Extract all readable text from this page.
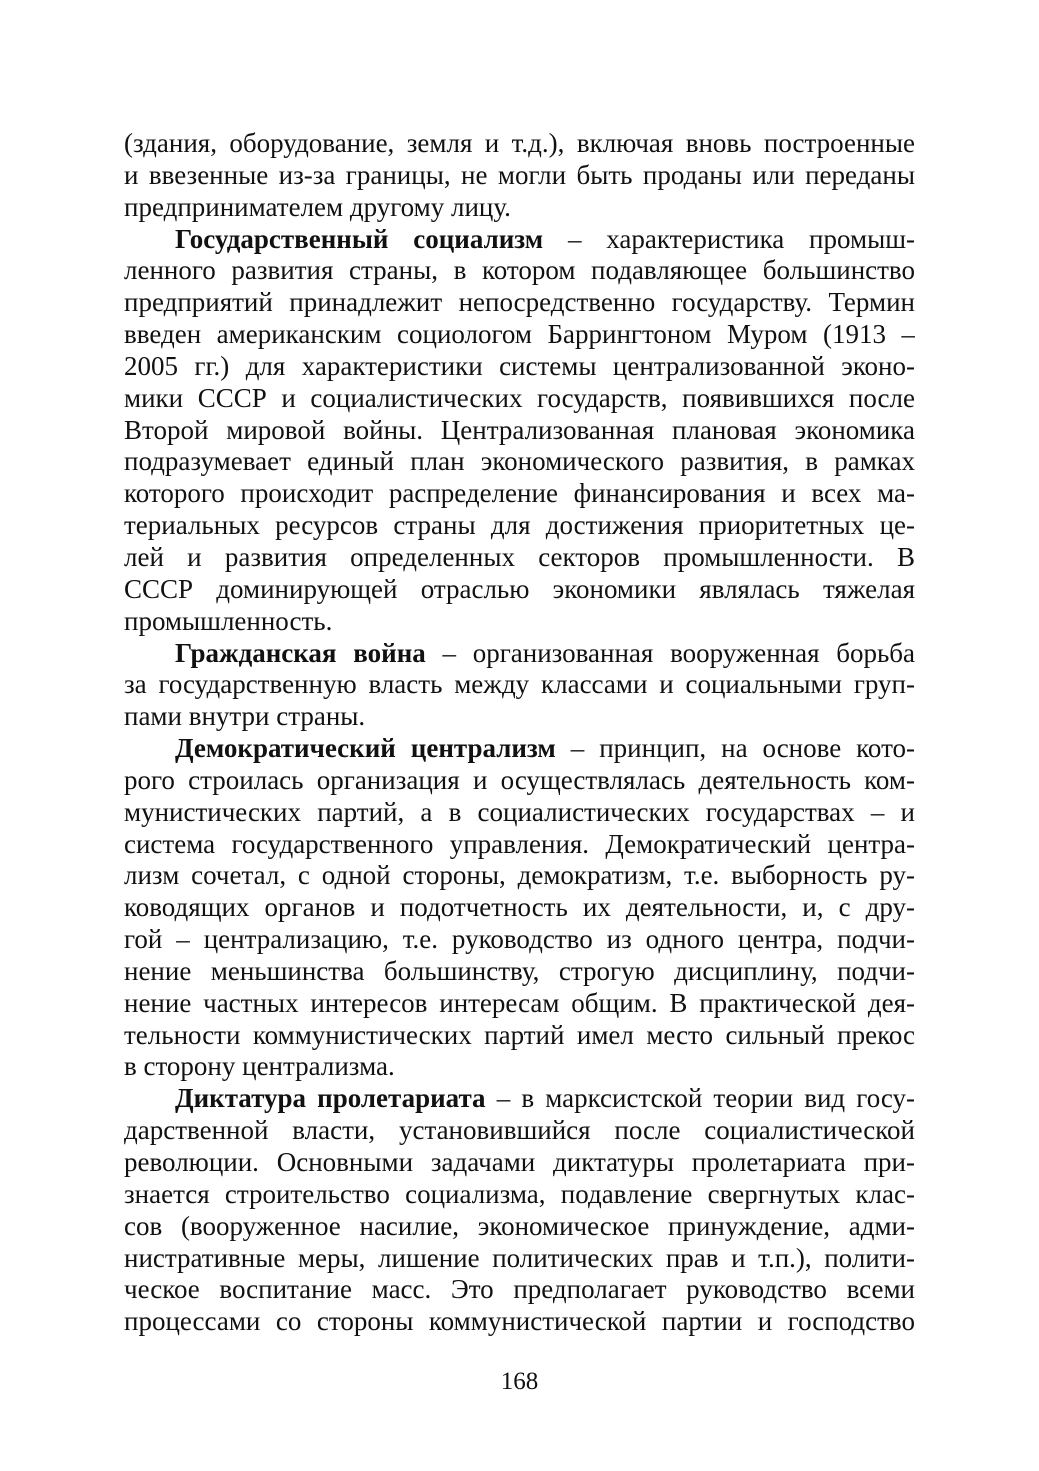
(здания, оборудование, земля и т.д.), включая вновь построенные
и ввезенные из-за границы, не могли быть проданы или переданы
предпринимателем другому лицу.
Государственный социализм – характеристика промыш-
ленного развития страны, в котором подавляющее большинство
предприятий принадлежит непосредственно государству. Термин
введен американским социологом Баррингтоном Муром (1913 –
2005 гг.) для характеристики системы централизованной эконо-
мики СССР и социалистических государств, появившихся после
Второй мировой войны. Централизованная плановая экономика
подразумевает единый план экономического развития, в рамках
которого происходит распределение финансирования и всех ма-
териальных ресурсов страны для достижения приоритетных це-
лей и развития определенных секторов промышленности. В
СССР доминирующей отраслью экономики являлась тяжелая
промышленность.
Гражданская война – организованная вооруженная борьба
за государственную власть между классами и социальными груп-
пами внутри страны.
Демократический централизм – принцип, на основе кото-
рого строилась организация и осуществлялась деятельность ком-
мунистических партий, а в социалистических государствах – и
система государственного управления. Демократический центра-
лизм сочетал, с одной стороны, демократизм, т.е. выборность ру-
ководящих органов и подотчетность их деятельности, и, с дру-
гой – централизацию, т.е. руководство из одного центра, подчи-
нение меньшинства большинству, строгую дисциплину, подчи-
нение частных интересов интересам общим. В практической дея-
тельности коммунистических партий имел место сильный прекос
в сторону централизма.
Диктатура пролетариата – в марксистской теории вид госу-
дарственной власти, установившийся после социалистической
революции. Основными задачами диктатуры пролетариата при-
знается строительство социализма, подавление свергнутых клас-
сов (вооруженное насилие, экономическое принуждение, адми-
нистративные меры, лишение политических прав и т.п.), полити-
ческое воспитание масс. Это предполагает руководство всеми
процессами со стороны коммунистической партии и господство
168
